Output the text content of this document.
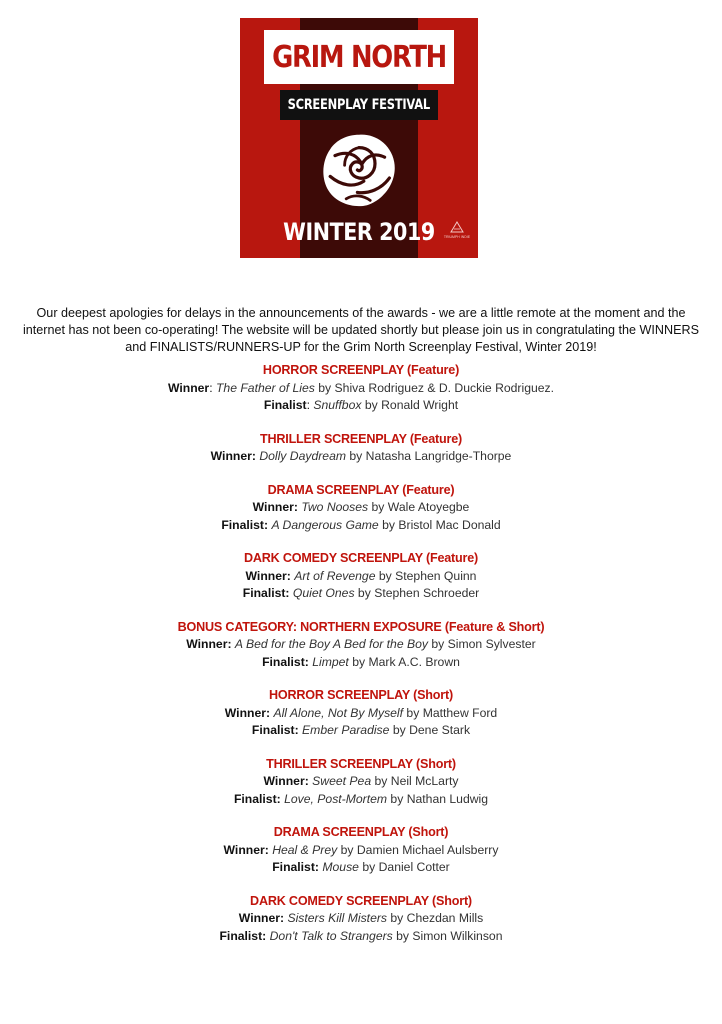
GRIM NORTH
SCREENPLAY FESTIVAL
WINTER 2019	TRIUMPH INDIE

Our deepest apologies for delays in the announcements of the awards - we are a little remote at the moment and the internet has not been co-operating! The website will be updated shortly but please join us in congratulating the WINNERS and FINALISTS/RUNNERS-UP for the Grim North Screenplay Festival, Winter 2019!

HORROR SCREENPLAY (Feature)
Winner: The Father of Lies by Shiva Rodriguez & D. Duckie Rodriguez.
Finalist: Snuffbox by Ronald Wright
THRILLER SCREENPLAY (Feature)
Winner: Dolly Daydream by Natasha Langridge-Thorpe
DRAMA SCREENPLAY (Feature)
Winner: Two Nooses by Wale Atoyegbe
Finalist: A Dangerous Game by Bristol Mac Donald
DARK COMEDY SCREENPLAY (Feature)
Winner: Art of Revenge by Stephen Quinn
Finalist: Quiet Ones by Stephen Schroeder
BONUS CATEGORY: NORTHERN EXPOSURE (Feature & Short)
Winner: A Bed for the Boy A Bed for the Boy by Simon Sylvester
Finalist: Limpet by Mark A.C. Brown
HORROR SCREENPLAY (Short)
Winner: All Alone, Not By Myself by Matthew Ford
Finalist: Ember Paradise by Dene Stark
THRILLER SCREENPLAY (Short)
Winner: Sweet Pea by Neil McLarty
Finalist: Love, Post-Mortem by Nathan Ludwig
DRAMA SCREENPLAY (Short)
Winner: Heal & Prey by Damien Michael Aulsberry
Finalist: Mouse by Daniel Cotter
DARK COMEDY SCREENPLAY (Short)
Winner: Sisters Kill Misters by Chezdan Mills
Finalist: Don't Talk to Strangers by Simon Wilkinson
